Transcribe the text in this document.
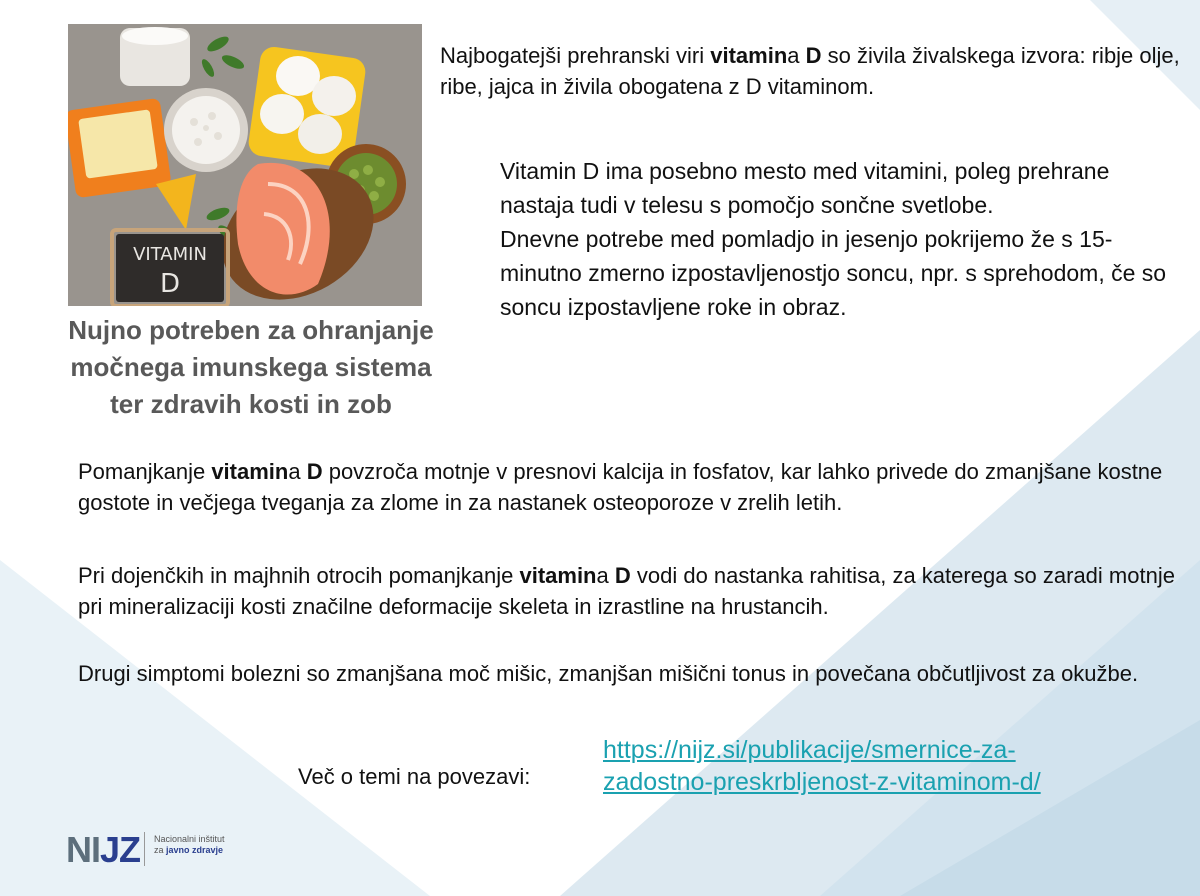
VITAMIN
D
Nujno potreben za ohranjanje
močnega imunskega sistema
ter zdravih kosti in zob
Najbogatejši prehranski viri vitamina D so živila živalskega izvora: ribje olje, ribe, jajca in živila obogatena z D vitaminom.
Vitamin D ima posebno mesto med vitamini, poleg prehrane nastaja tudi v telesu s pomočjo sončne svetlobe.
Dnevne potrebe med pomladjo in jesenjo pokrijemo že s 15-minutno zmerno izpostavljenostjo soncu, npr. s sprehodom, če so soncu izpostavljene roke in obraz.
Pomanjkanje vitamina D povzroča motnje v presnovi kalcija in fosfatov, kar lahko privede do zmanjšane kostne gostote in večjega tveganja za zlome in za nastanek osteoporoze v zrelih letih.
Pri dojenčkih in majhnih otrocih pomanjkanje vitamina D vodi do nastanka rahitisa, za katerega so zaradi motnje pri mineralizaciji kosti značilne deformacije skeleta in izrastline na hrustancih.
Drugi simptomi bolezni so zmanjšana moč mišic, zmanjšan mišični tonus in povečana občutljivost za okužbe.
Več o temi na povezavi:
https://nijz.si/publikacije/smernice-za-
zadostno-preskrbljenost-z-vitaminom-d/
NIJZ Nacionalni inštitut
za javno zdravje
